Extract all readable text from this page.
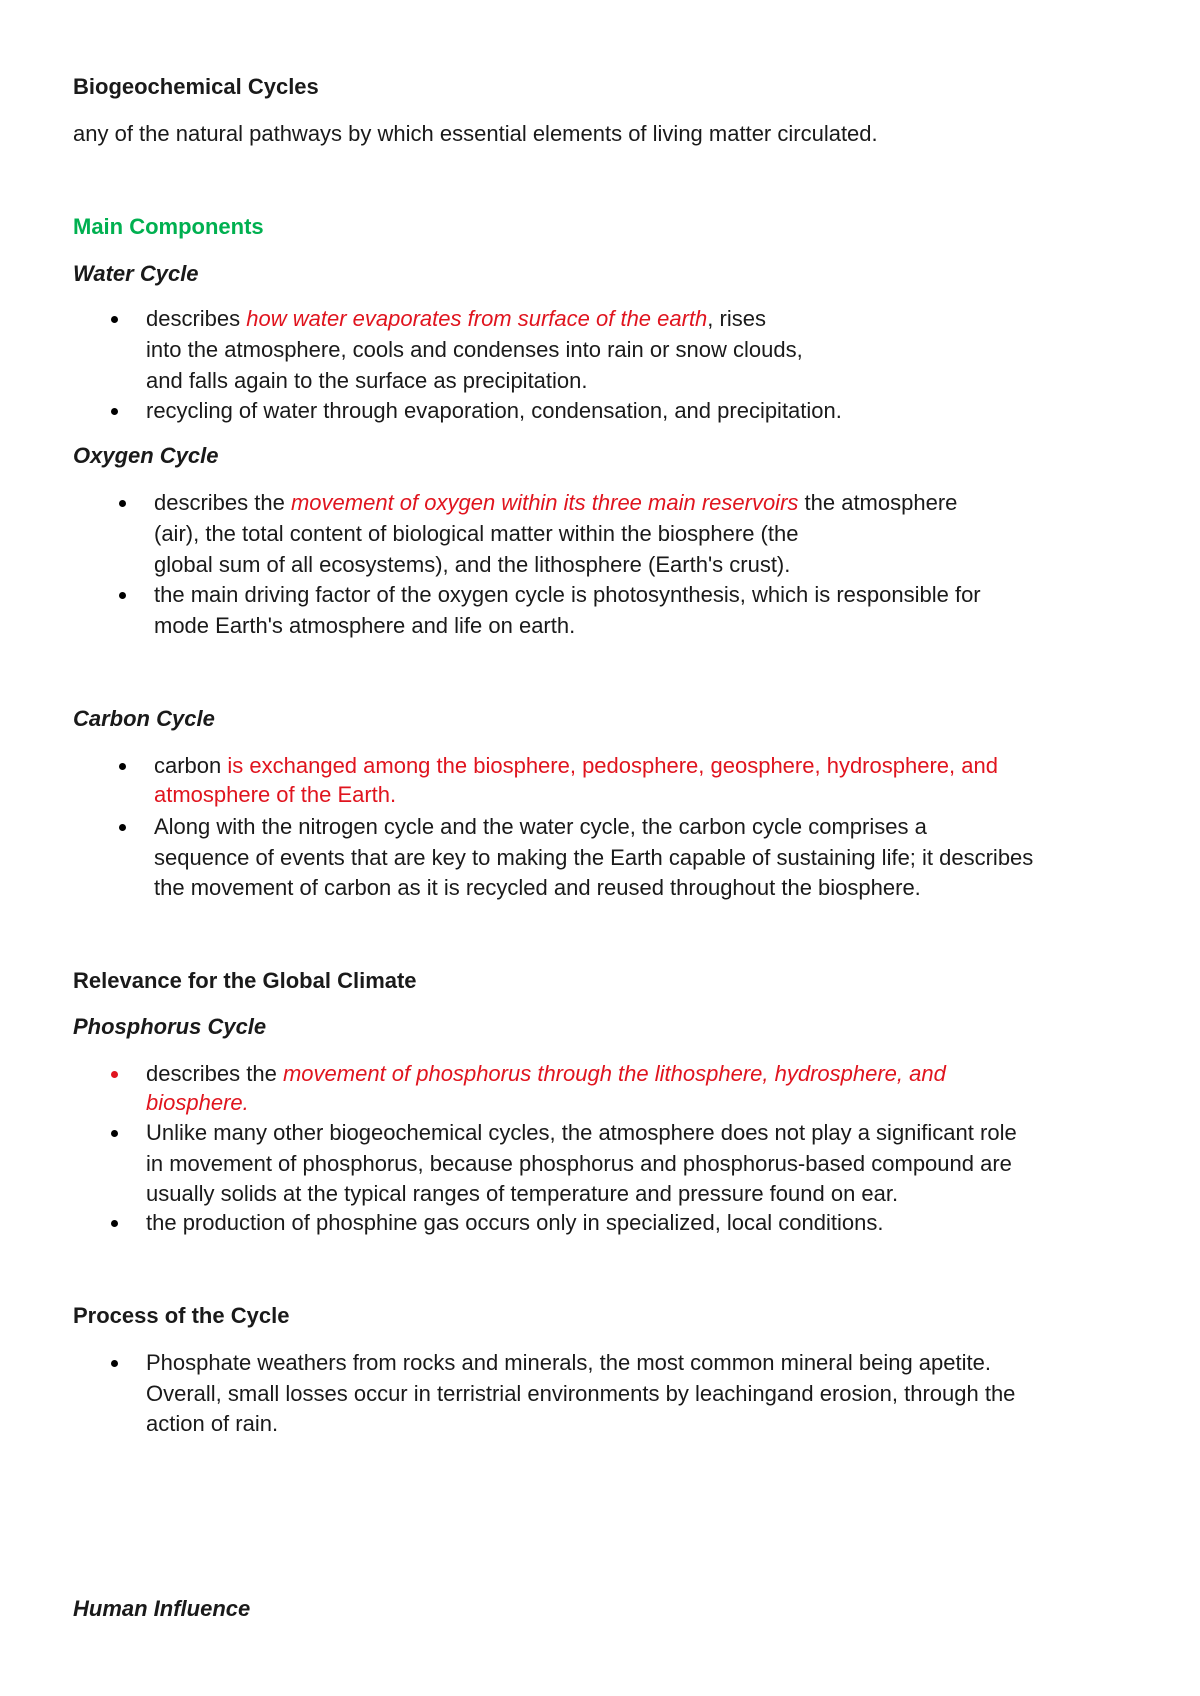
Biogeochemical Cycles

any of the natural pathways by which essential elements of living matter circulated.

Main Components

Water Cycle

describes how water evaporates from surface of the earth, rises

into the atmosphere, cools and condenses into rain or snow clouds,

and falls again to the surface as precipitation.

recycling of water through evaporation, condensation, and precipitation.

Oxygen Cycle

describes the movement of oxygen within its three main reservoirs the atmosphere

(air), the total content of biological matter within the biosphere (the

global sum of all ecosystems), and the lithosphere (Earth's crust).

the main driving factor of the oxygen cycle is photosynthesis, which is responsible for

mode Earth's atmosphere and life on earth.

Carbon Cycle

carbon is exchanged among the biosphere, pedosphere, geosphere, hydrosphere, and

atmosphere of the Earth.

Along with the nitrogen cycle and the water cycle, the carbon cycle comprises a

sequence of events that are key to making the Earth capable of sustaining life; it describes

the movement of carbon as it is recycled and reused throughout the biosphere.

Relevance for the Global Climate

Phosphorus Cycle

describes the movement of phosphorus through the lithosphere, hydrosphere, and

biosphere.

Unlike many other biogeochemical cycles, the atmosphere does not play a significant role

in movement of phosphorus, because phosphorus and phosphorus-based compound are

usually solids at the typical ranges of temperature and pressure found on ear.

the production of phosphine gas occurs only in specialized, local conditions.

Process of the Cycle

Phosphate weathers from rocks and minerals, the most common mineral being apetite.

Overall, small losses occur in terristrial environments by leachingand erosion, through the

action of rain.

Human Influence
